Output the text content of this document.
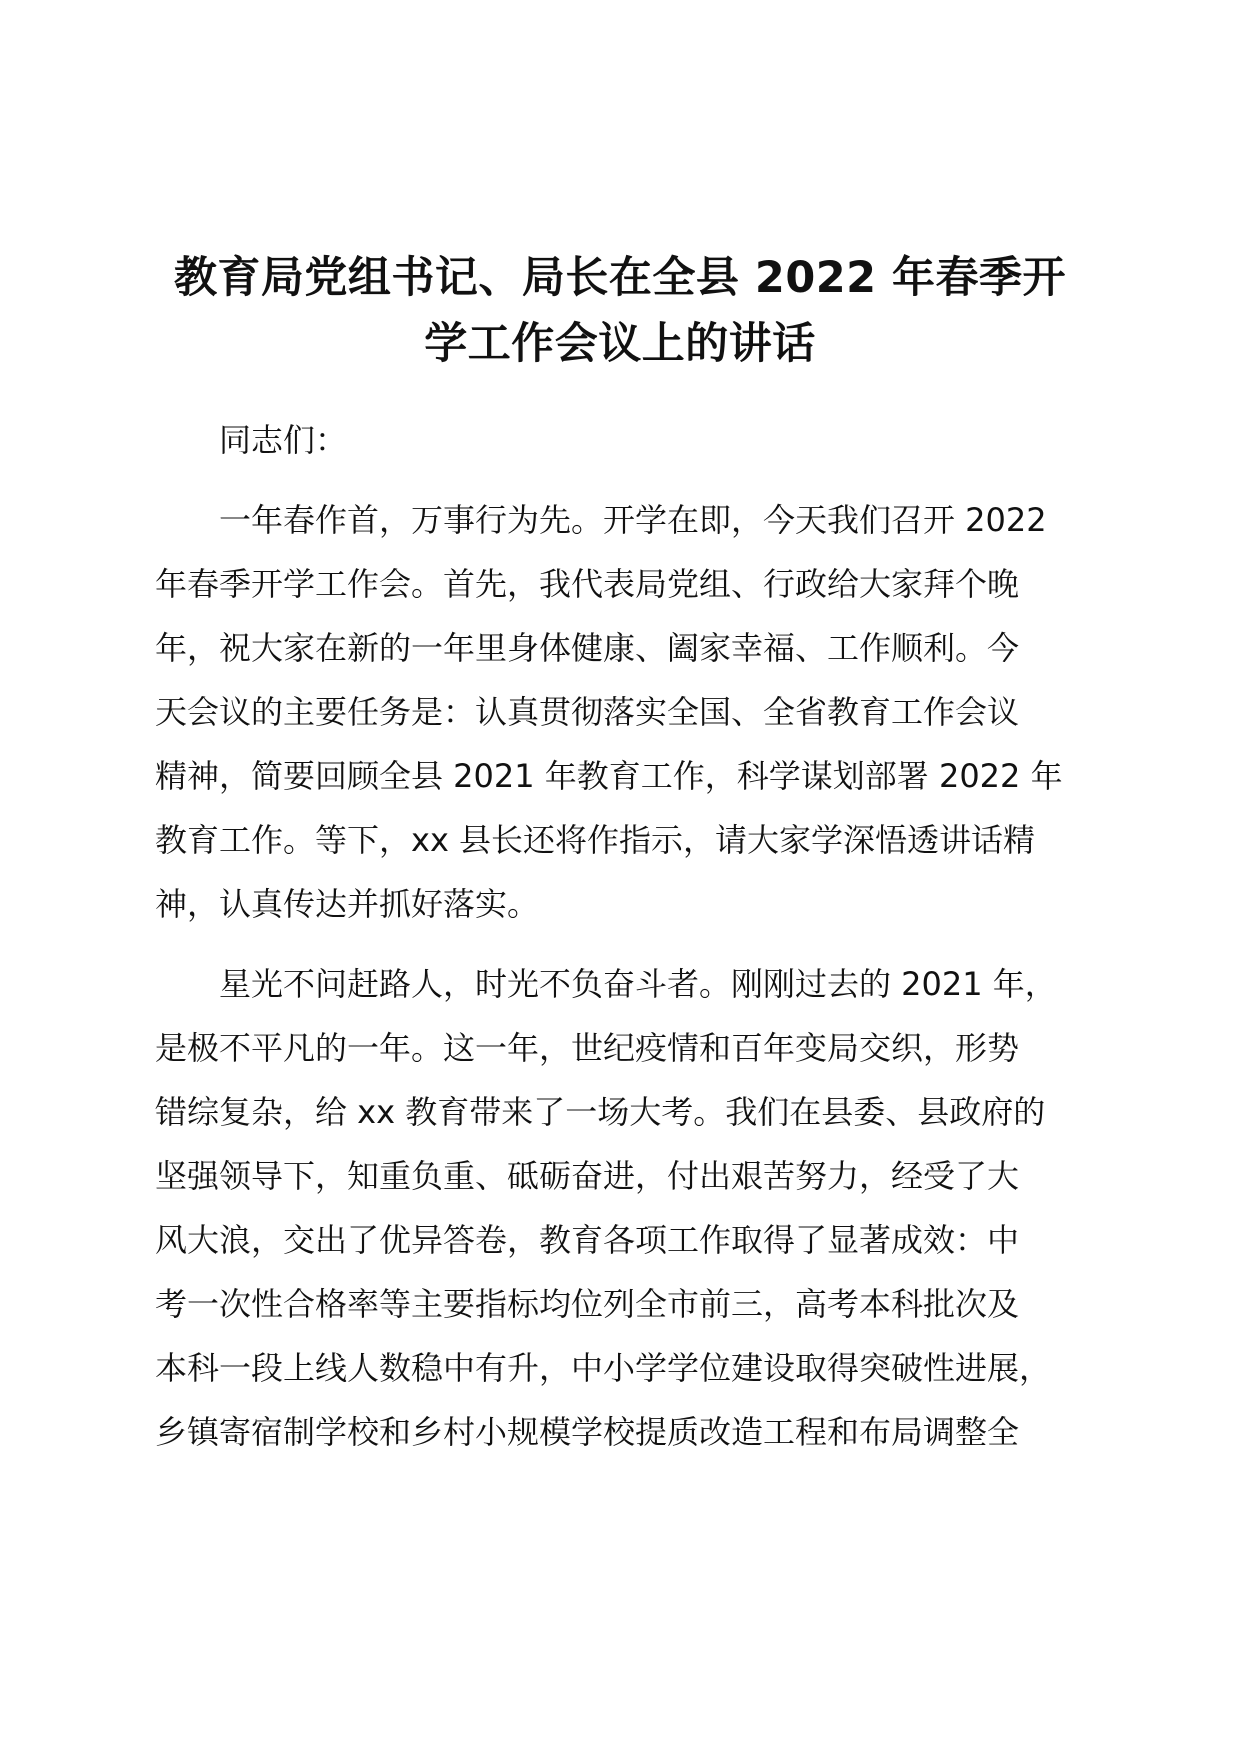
教育局党组书记、局长在全县 2022 年春季开
学工作会议上的讲话

同志们：

一年春作首，万事行为先。开学在即，今天我们召开 2022
年春季开学工作会。首先，我代表局党组、行政给大家拜个晚
年，祝大家在新的一年里身体健康、阖家幸福、工作顺利。今
天会议的主要任务是：认真贯彻落实全国、全省教育工作会议
精神，简要回顾全县 2021 年教育工作，科学谋划部署 2022 年
教育工作。等下，xx 县长还将作指示，请大家学深悟透讲话精
神，认真传达并抓好落实。
星光不问赶路人，时光不负奋斗者。刚刚过去的 2021 年，
是极不平凡的一年。这一年，世纪疫情和百年变局交织，形势
错综复杂，给 xx 教育带来了一场大考。我们在县委、县政府的
坚强领导下，知重负重、砥砺奋进，付出艰苦努力，经受了大
风大浪，交出了优异答卷，教育各项工作取得了显著成效：中
考一次性合格率等主要指标均位列全市前三，高考本科批次及
本科一段上线人数稳中有升，中小学学位建设取得突破性进展，
乡镇寄宿制学校和乡村小规模学校提质改造工程和布局调整全
